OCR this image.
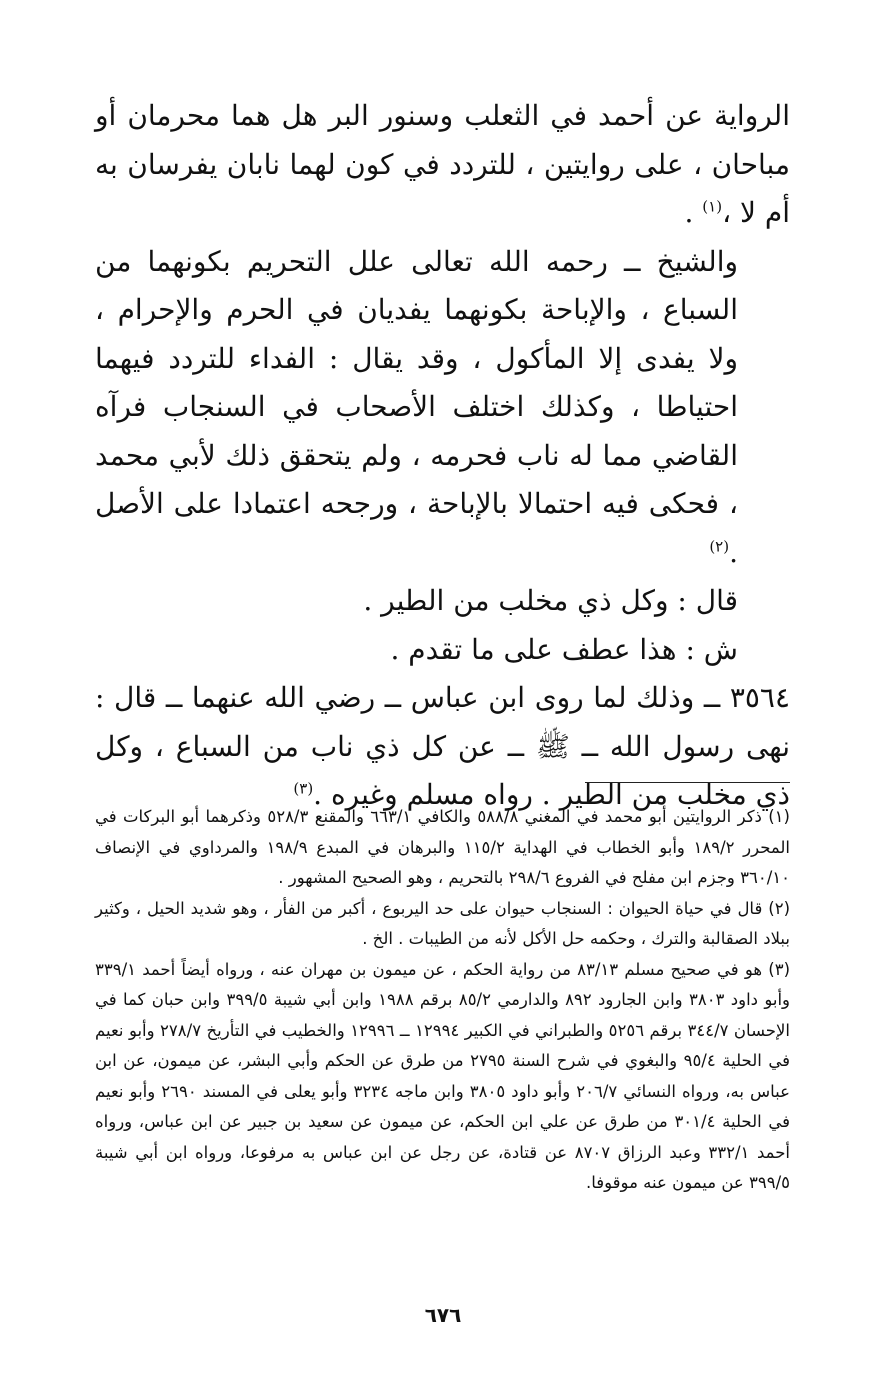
الرواية عن أحمد في الثعلب وسنور البر هل هما محرمان أو مباحان ، على روايتين ، للتردد في كون لهما نابان يفرسان به أم لا ،$^{(١)}$ .

والشيخ ــ رحمه الله تعالى علل التحريم بكونهما من السباع ، والإباحة بكونهما يفديان في الحرم والإحرام ، ولا يفدى إلا المأكول ، وقد يقال : الفداء للتردد فيهما احتياطا ، وكذلك اختلف الأصحاب في السنجاب فرآه القاضي مما له ناب فحرمه ، ولم يتحقق ذلك لأبي محمد ، فحكى فيه احتمالا بالإباحة ، ورجحه اعتمادا على الأصل .$^{(٢)}$

قال : وكل ذي مخلب من الطير .

ش : هذا عطف على ما تقدم .

٣٥٦٤ ــ وذلك لما روى ابن عباس ــ رضي الله عنهما ــ قال : نهى رسول الله ــ ﷺ ــ عن كل ذي ناب من السباع ، وكل ذي مخلب من الطير . رواه مسلم وغيره .$^{(٣)}$

(١) ذكر الروايتين أبو محمد في المغني ٥٨٨/٨ والكافي ٦٦٣/١ والمقنع ٥٢٨/٣ وذكرهما أبو البركات في المحرر ١٨٩/٢ وأبو الخطاب في الهداية ١١٥/٢ والبرهان في المبدع ١٩٨/٩ والمرداوي في الإنصاف ٣٦٠/١٠ وجزم ابن مفلح في الفروع ٢٩٨/٦ بالتحريم ، وهو الصحيح المشهور .

(٢) قال في حياة الحيوان : السنجاب حيوان على حد اليربوع ، أكبر من الفأر ، وهو شديد الحيل ، وكثير ببلاد الصقالبة والترك ، وحكمه حل الأكل لأنه من الطيبات . الخ .

(٣) هو في صحيح مسلم ٨٣/١٣ من رواية الحكم ، عن ميمون بن مهران عنه ، ورواه أيضاً أحمد ٣٣٩/١ وأبو داود ٣٨٠٣ وابن الجارود ٨٩٢ والدارمي ٨٥/٢ برقم ١٩٨٨ وابن أبي شيبة ٣٩٩/٥ وابن حبان كما في الإحسان ٣٤٤/٧ برقم ٥٢٥٦ والطبراني في الكبير ١٢٩٩٤ ــ ١٢٩٩٦ والخطيب في التأريخ ٢٧٨/٧ وأبو نعيم في الحلية ٩٥/٤ والبغوي في شرح السنة ٢٧٩٥ من طرق عن الحكم وأبي البشر، عن ميمون، عن ابن عباس به، ورواه النسائي ٢٠٦/٧ وأبو داود ٣٨٠٥ وابن ماجه ٣٢٣٤ وأبو يعلى في المسند ٢٦٩٠ وأبو نعيم في الحلية ٣٠١/٤ من طرق عن علي ابن الحكم، عن ميمون عن سعيد بن جبير عن ابن عباس، ورواه أحمد ٣٣٢/١ وعبد الرزاق ٨٧٠٧ عن قتادة، عن رجل عن ابن عباس به مرفوعا، ورواه ابن أبي شيبة ٣٩٩/٥ عن ميمون عنه موقوفا.

٦٧٦
